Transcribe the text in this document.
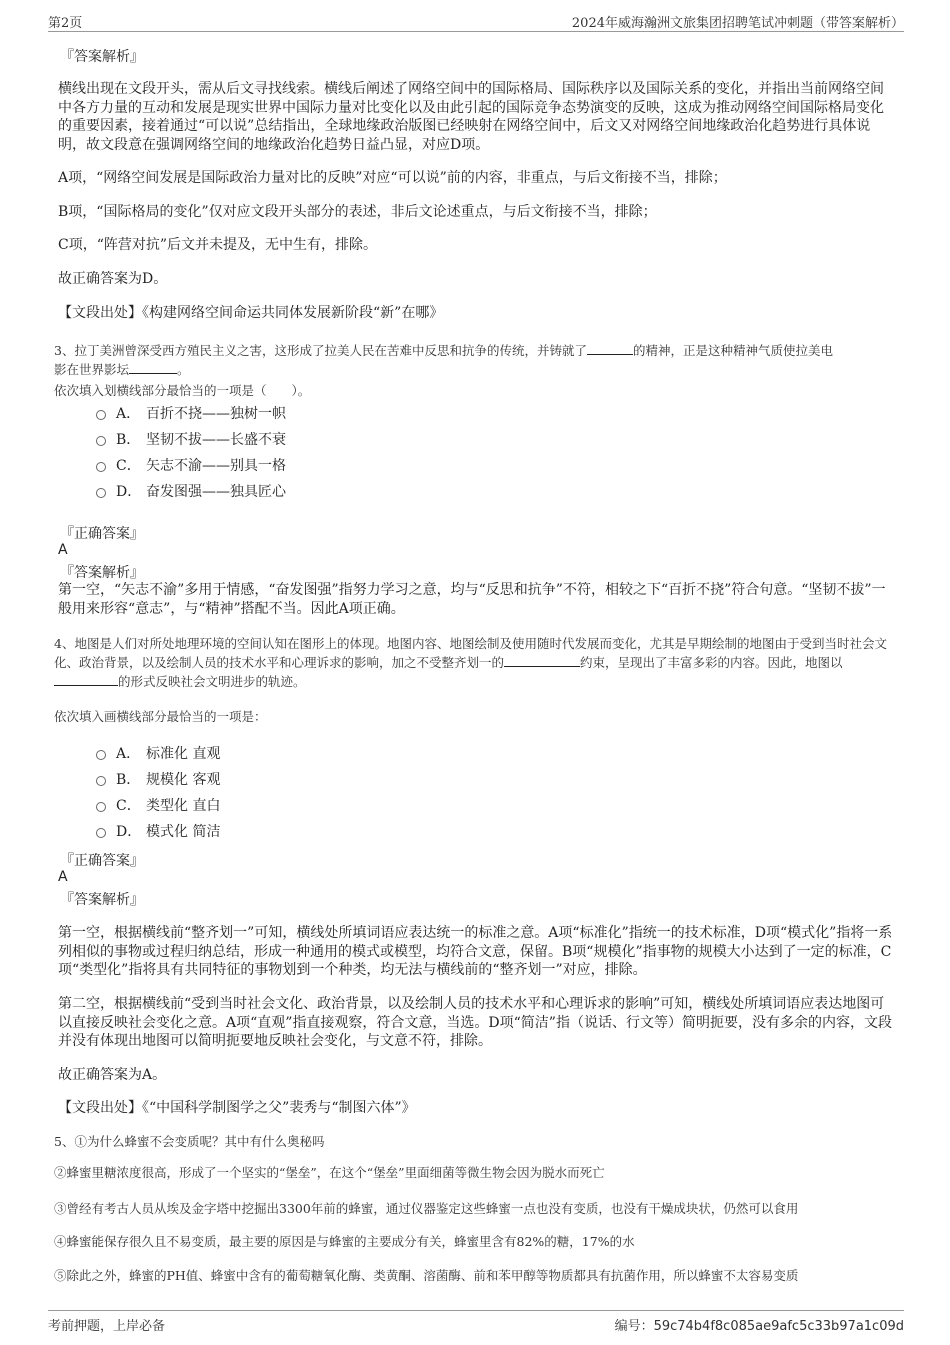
第2页	2024年威海瀚洲文旅集团招聘笔试冲刺题（带答案解析）
『答案解析』
横线出现在文段开头，需从后文寻找线索。横线后阐述了网络空间中的国际格局、国际秩序以及国际关系的变化，并指出当前网络空间中各方力量的互动和发展是现实世界中国际力量对比变化以及由此引起的国际竞争态势演变的反映，这成为推动网络空间国际格局变化的重要因素，接着通过“可以说”总结指出，全球地缘政治版图已经映射在网络空间中，后文又对网络空间地缘政治化趋势进行具体说明，故文段意在强调网络空间的地缘政治化趋势日益凸显，对应D项。
A项，“网络空间发展是国际政治力量对比的反映”对应“可以说”前的内容，非重点，与后文衔接不当，排除；
B项，“国际格局的变化”仅对应文段开头部分的表述，非后文论述重点，与后文衔接不当，排除；
C项，“阵营对抗”后文并未提及，无中生有，排除。
故正确答案为D。
【文段出处】《构建网络空间命运共同体发展新阶段“新”在哪》
3、拉丁美洲曾深受西方殖民主义之害，这形成了拉美人民在苦难中反思和抗争的传统，并铸就了	的精神，正是这种精神气质使拉美电
影在世界影坛	。
依次填入划横线部分最恰当的一项是（　　）。
A． 百折不挠——独树一帜
B． 坚韧不拔——长盛不衰
C． 矢志不渝——别具一格
D． 奋发图强——独具匠心
『正确答案』
A
『答案解析』
第一空，“矢志不渝”多用于情感，“奋发图强”指努力学习之意，均与“反思和抗争”不符，相较之下“百折不挠”符合句意。“坚韧不拔”一般用来形容“意志”，与“精神”搭配不当。因此A项正确。
4、地图是人们对所处地理环境的空间认知在图形上的体现。地图内容、地图绘制及使用随时代发展而变化，尤其是早期绘制的地图由于受到当时社会文化、政治背景，以及绘制人员的技术水平和心理诉求的影响，加之不受整齐划一的	约束，呈现出了丰富多彩的内容。因此，地图以的形式反映社会文明进步的轨迹。
依次填入画横线部分最恰当的一项是：
A． 标准化 直观
B． 规模化 客观
C． 类型化 直白
D． 模式化 简洁
『正确答案』
A
『答案解析』
第一空，根据横线前“整齐划一”可知，横线处所填词语应表达统一的标准之意。A项“标准化”指统一的技术标准，D项“模式化”指将一系列相似的事物或过程归纳总结，形成一种通用的模式或模型，均符合文意，保留。B项“规模化”指事物的规模大小达到了一定的标准，C项“类型化”指将具有共同特征的事物划到一个种类，均无法与横线前的“整齐划一”对应，排除。
第二空，根据横线前“受到当时社会文化、政治背景，以及绘制人员的技术水平和心理诉求的影响”可知，横线处所填词语应表达地图可以直接反映社会变化之意。A项“直观”指直接观察，符合文意，当选。D项“简洁”指（说话、行文等）简明扼要，没有多余的内容，文段并没有体现出地图可以简明扼要地反映社会变化，与文意不符，排除。
故正确答案为A。
【文段出处】《“中国科学制图学之父”裴秀与“制图六体”》
5、①为什么蜂蜜不会变质呢？其中有什么奥秘吗
②蜂蜜里糖浓度很高，形成了一个坚实的“堡垒”，在这个“堡垒”里面细菌等微生物会因为脱水而死亡
③曾经有考古人员从埃及金字塔中挖掘出3300年前的蜂蜜，通过仪器鉴定这些蜂蜜一点也没有变质，也没有干燥成块状，仍然可以食用
④蜂蜜能保存很久且不易变质，最主要的原因是与蜂蜜的主要成分有关，蜂蜜里含有82%的糖，17%的水
⑤除此之外，蜂蜜的PH值、蜂蜜中含有的葡萄糖氧化酶、类黄酮、溶菌酶、前和苯甲醇等物质都具有抗菌作用，所以蜂蜜不太容易变质
考前押题，上岸必备	编号：59c74b4f8c085ae9afc5c33b97a1c09d
